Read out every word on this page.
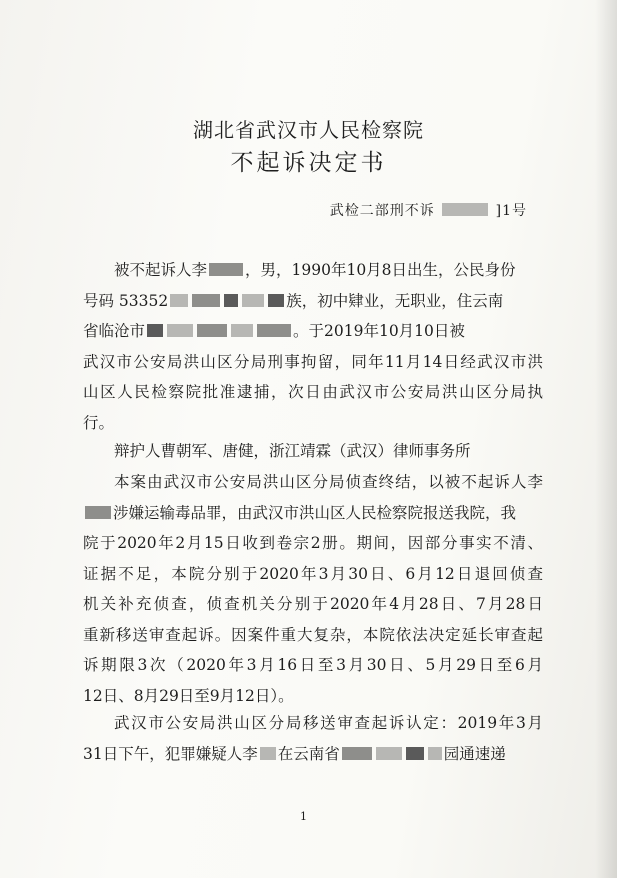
湖北省武汉市人民检察院
不起诉决定书
武检二部刑不诉	]1号
被不起诉人李 ，男，1990年10月8日出生，公民身份
号码 53352	族，初中肄业，无职业，住云南
省临沧市	。于2019年10月10日被
武汉市公安局洪山区分局刑事拘留，同年11月14日经武汉市洪
山区人民检察院批准逮捕，次日由武汉市公安局洪山区分局执
行。
辩护人曹朝军、唐健，浙江靖霖（武汉）律师事务所
本案由武汉市公安局洪山区分局侦查终结，以被不起诉人李
涉嫌运输毒品罪，由武汉市洪山区人民检察院报送我院，我
院于2020年2月15日收到卷宗2册。期间，因部分事实不清、
证据不足，本院分别于2020年3月30日、6月12日退回侦查
机关补充侦查，侦查机关分别于2020年4月28日、7月28日
重新移送审查起诉。因案件重大复杂，本院依法决定延长审查起
诉期限3次（2020年3月16日至3月30日、5月29日至6月
12日、8月29日至9月12日）。
武汉市公安局洪山区分局移送审查起诉认定：2019年3月
31日下午，犯罪嫌疑人李 在云南省	园通速递
1
